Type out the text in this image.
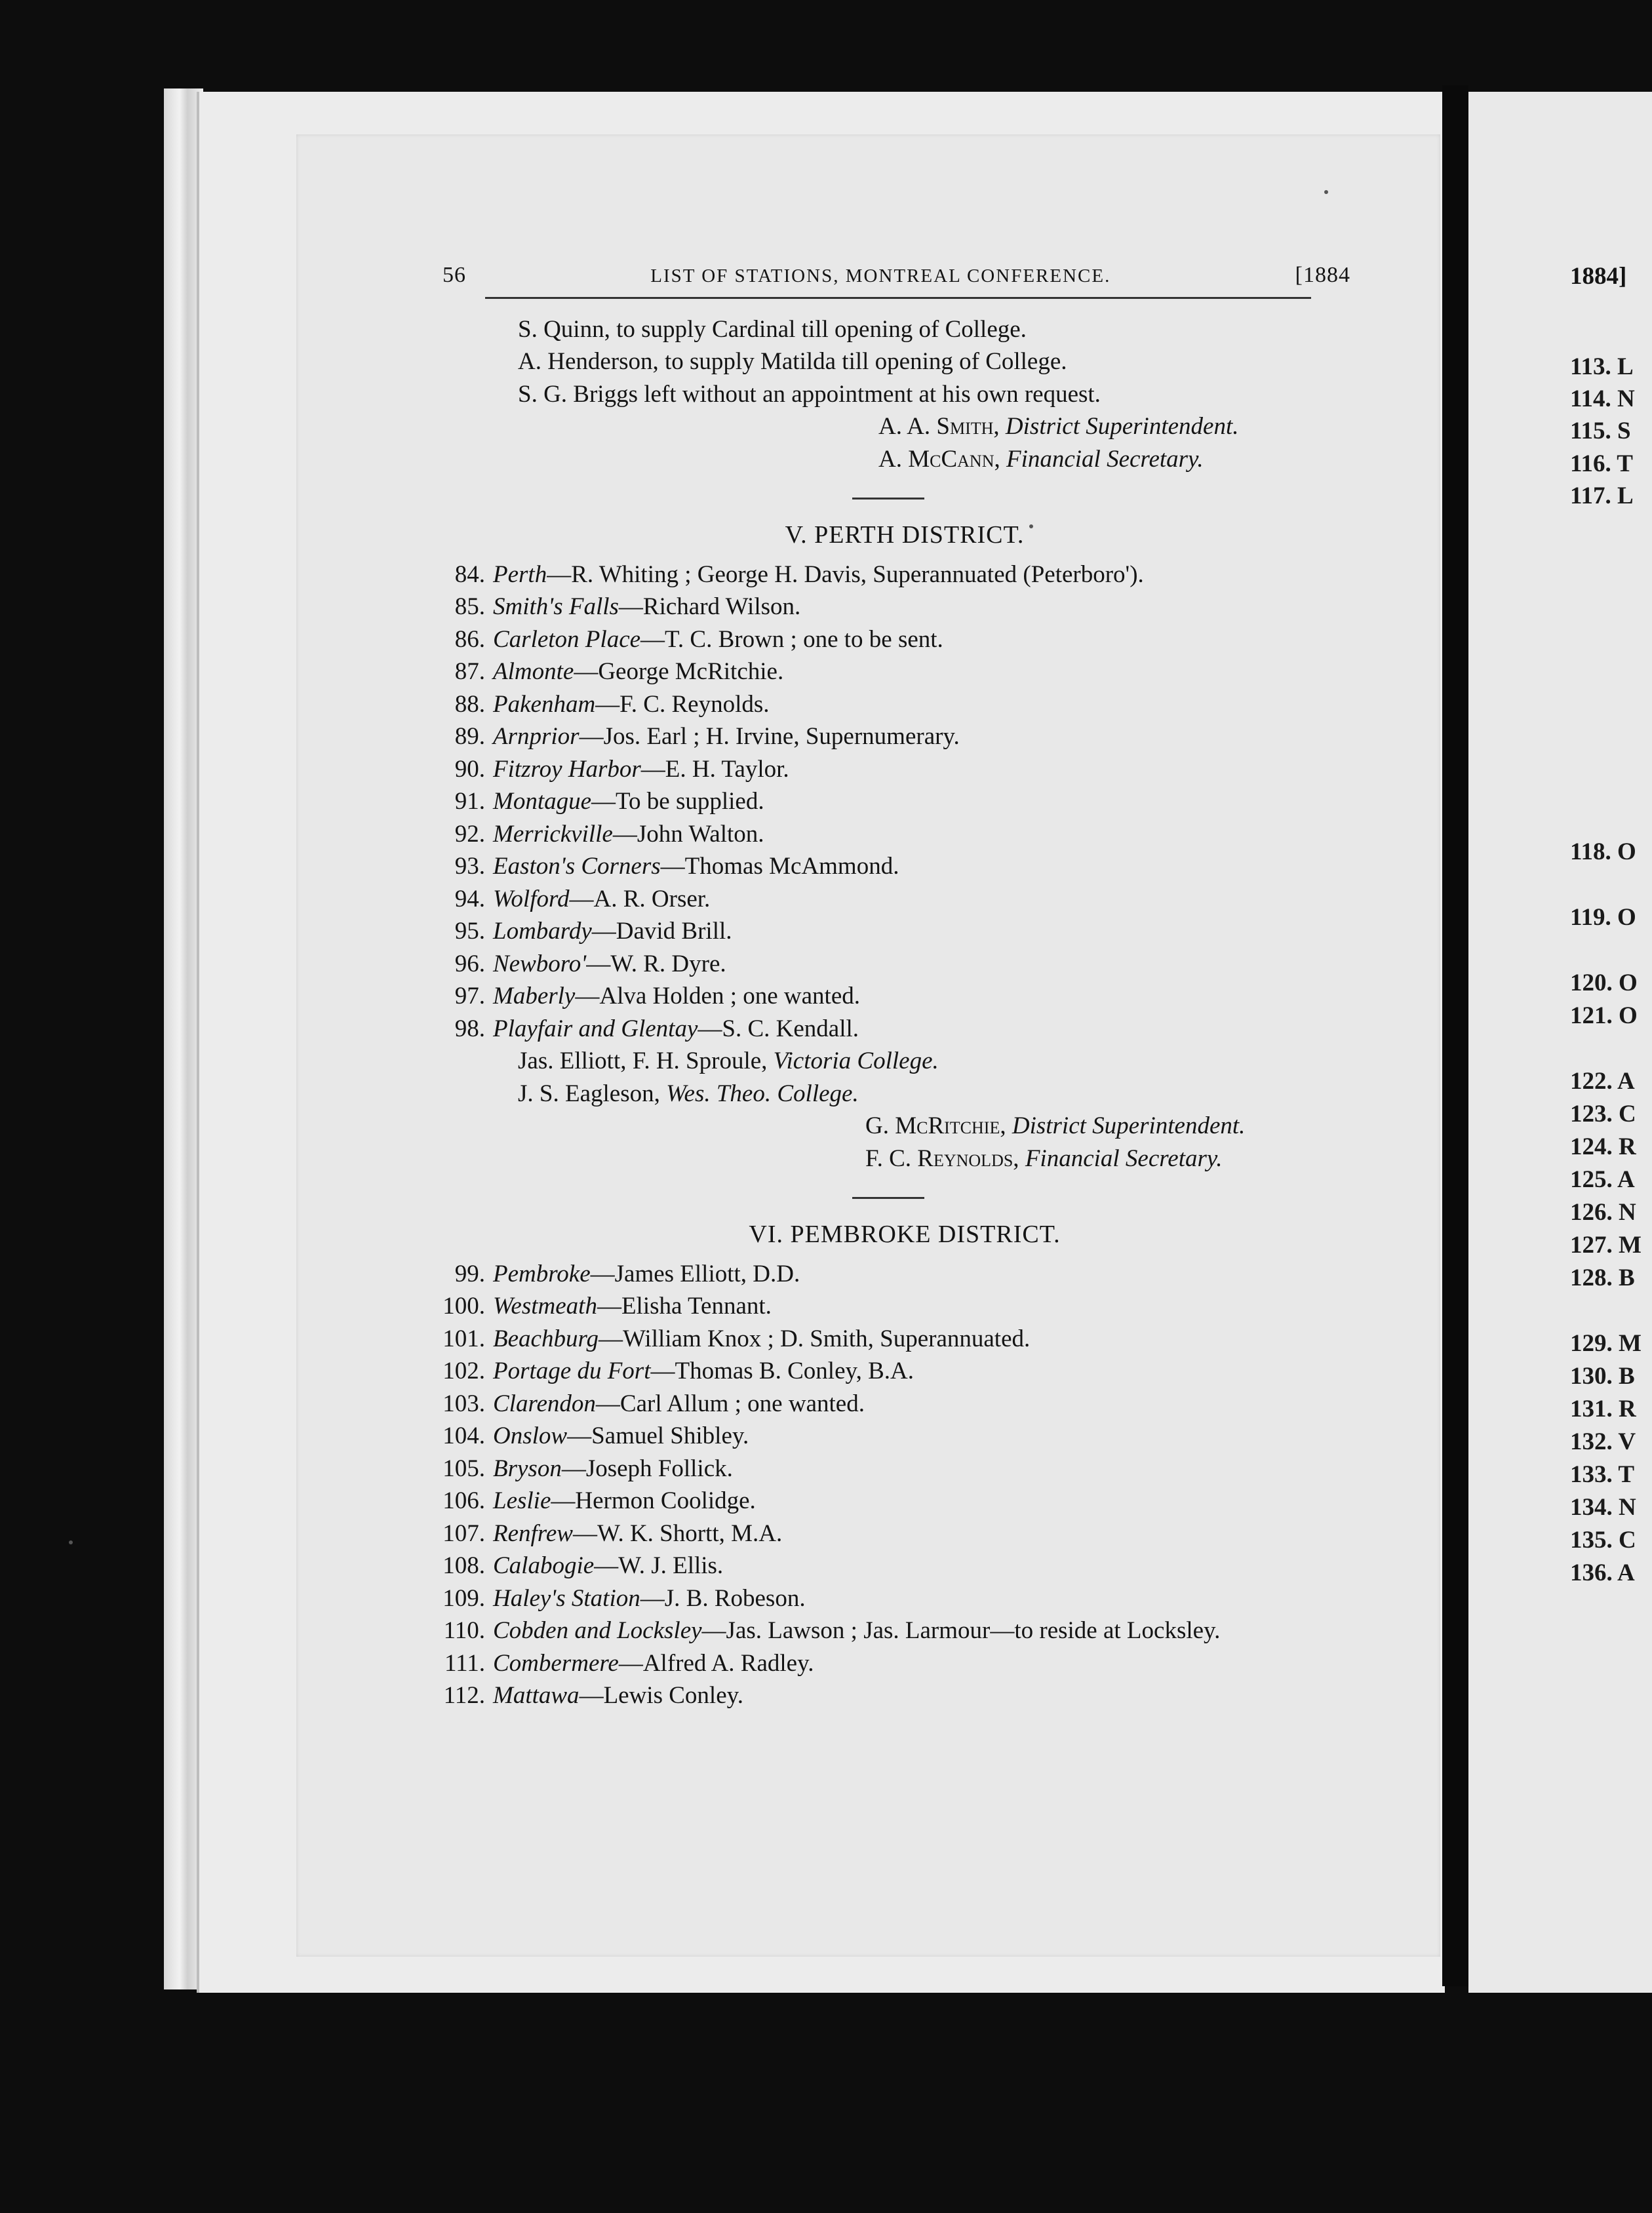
56	LIST OF STATIONS, MONTREAL CONFERENCE.	[1884
S. Quinn, to supply Cardinal till opening of College.
A. Henderson, to supply Matilda till opening of College.
S. G. Briggs left without an appointment at his own request.
A. A. Smith, District Superintendent.
A. McCann, Financial Secretary.
V. PERTH DISTRICT.
84. Perth—R. Whiting ; George H. Davis, Superannuated (Peterboro').
85. Smith's Falls—Richard Wilson.
86. Carleton Place—T. C. Brown ; one to be sent.
87. Almonte—George McRitchie.
88. Pakenham—F. C. Reynolds.
89. Arnprior—Jos. Earl ; H. Irvine, Supernumerary.
90. Fitzroy Harbor—E. H. Taylor.
91. Montague—To be supplied.
92. Merrickville—John Walton.
93. Easton's Corners—Thomas McAmmond.
94. Wolford—A. R. Orser.
95. Lombardy—David Brill.
96. Newboro'—W. R. Dyre.
97. Maberly—Alva Holden ; one wanted.
98. Playfair and Glentay—S. C. Kendall.
Jas. Elliott, F. H. Sproule, Victoria College.
J. S. Eagleson, Wes. Theo. College.
G. McRitchie, District Superintendent.
F. C. Reynolds, Financial Secretary.
VI. PEMBROKE DISTRICT.
99. Pembroke—James Elliott, D.D.
100. Westmeath—Elisha Tennant.
101. Beachburg—William Knox ; D. Smith, Superannuated.
102. Portage du Fort—Thomas B. Conley, B.A.
103. Clarendon—Carl Allum ; one wanted.
104. Onslow—Samuel Shibley.
105. Bryson—Joseph Follick.
106. Leslie—Hermon Coolidge.
107. Renfrew—W. K. Shortt, M.A.
108. Calabogie—W. J. Ellis.
109. Haley's Station—J. B. Robeson.
110. Cobden and Locksley—Jas. Lawson ; Jas. Larmour—to reside at Locksley.
111. Combermere—Alfred A. Radley.
112. Mattawa—Lewis Conley.
1884]
113. L
114. N
115. S
116. T
117. L
118. O
119. O
120. O
121. O
122. A
123. C
124. R
125. A
126. N
127. M
128. B
129. M
130. B
131. R
132. V
133. T
134. N
135. C
136. A
